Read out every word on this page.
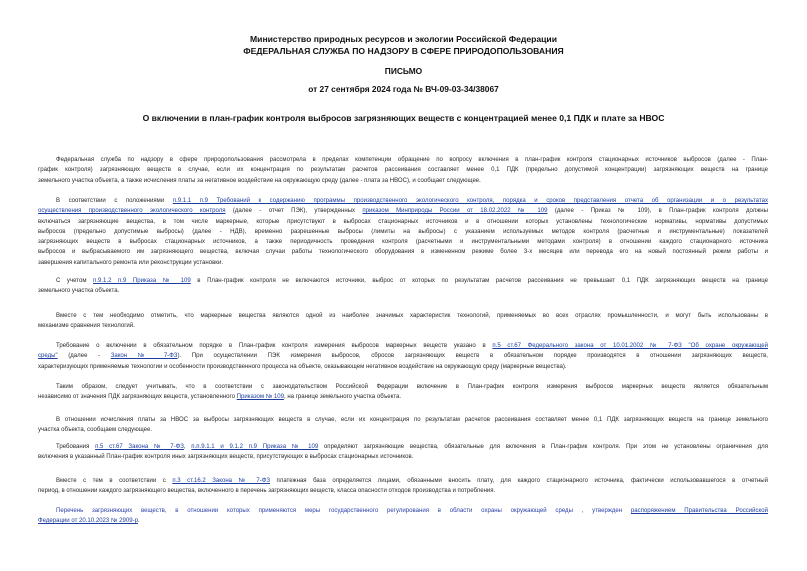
Министерство природных ресурсов и экологии Российской Федерации
ФЕДЕРАЛЬНАЯ СЛУЖБА ПО НАДЗОРУ В СФЕРЕ ПРИРОДОПОЛЬЗОВАНИЯ
ПИСЬМО
от 27 сентября 2024 года № ВЧ-09-03-34/38067
О включении в план-график контроля выбросов загрязняющих веществ с концентрацией менее 0,1 ПДК и плате за НВОС
Федеральная служба по надзору в сфере природопользования рассмотрела в пределах компетенции обращение по вопросу включения в план-график контроля стационарных источников выбросов (далее - План-
график контроля) загрязняющих веществ в случае, если их концентрация по результатам расчетов рассеивания составляет менее 0,1 ПДК (предельно допустимой концентрации) загрязняющих веществ на границе
земельного участка объекта, а также исчисления платы за негативное воздействие на окружающую среду (далее - плата за НВОС), и сообщает следующее.
В соответствии с положениями п.9.1.1 п.9 Требований к содержанию программы производственного экологического контроля, порядка и сроков представления отчета об организации и о результатах
осуществления производственного экологического контроля (далее - отчет ПЭК), утвержденных приказом Минприроды России от 18.02.2022 № 109 (далее - Приказ № 109), в План-график контроля должны
включаться загрязняющие вещества, в том числе маркерные, которые присутствуют в выбросах стационарных источников и в отношении которых установлены технологические нормативы, нормативы допустимых
выбросов (предельно допустимые выбросы) (далее - НДВ), временно разрешенные выбросы (лимиты на выбросы) с указанием используемых методов контроля (расчетные и инструментальные) показателей
загрязняющих веществ в выбросах стационарных источников, а также периодичность проведения контроля (расчетными и инструментальными методами контроля) в отношении каждого стационарного источника
выбросов и выбрасываемого им загрязняющего вещества, включая случаи работы технологического оборудования в измененном режиме более 3-х месяцев или перевода его на новый постоянный режим работы и
завершения капитального ремонта или реконструкции установки.
С учетом п.9.1.2 п.9 Приказа № 109 в План-график контроля не включаются источники, выброс от которых по результатам расчетов рассеивания не превышает 0,1 ПДК загрязняющих веществ на границе
земельного участка объекта.
Вместе с тем необходимо отметить, что маркерные вещества являются одной из наиболее значимых характеристик технологий, применяемых во всех отраслях промышленности, и могут быть использованы в
механизме сравнения технологий.
Требование о включении в обязательном порядке в План-график контроля измерения выбросов маркерных веществ указано в п.5 ст.67 Федерального закона от 10.01.2002 № 7-ФЗ "Об охране окружающей
среды" (далее - Закон № 7-ФЗ). При осуществлении ПЭК измерения выбросов, сбросов загрязняющих веществ в обязательном порядке производятся в отношении загрязняющих веществ,
характеризующих применяемые технологии и особенности производственного процесса на объекте, оказывающем негативное воздействие на окружающую среду (маркерные вещества).
Таким образом, следует учитывать, что в соответствии с законодательством Российской Федерации включение в План-график контроля измерения выбросов маркерных веществ является обязательным
независимо от значения ПДК загрязняющих веществ, установленного Приказом № 109, на границе земельного участка объекта.
В отношении исчисления платы за НВОС за выбросы загрязняющих веществ в случае, если их концентрация по результатам расчетов рассеивания составляет менее 0,1 ПДК загрязняющих веществ на границе земельного
участка объекта, сообщаем следующее.
Требования п.5 ст.67 Закона № 7-ФЗ, п.п.9.1.1 и 9.1.2 п.9 Приказа № 109 определяют загрязняющие вещества, обязательные для включения в План-график контроля. При этом не установлены ограничения для
включения в указанный План-график контроля иных загрязняющих веществ, присутствующих в выбросах стационарных источников.
Вместе с тем в соответствии с п.3 ст.16.2 Закона № 7-ФЗ платежная база определяется лицами, обязанными вносить плату, для каждого стационарного источника, фактически использовавшегося в отчетный
период, в отношении каждого загрязняющего вещества, включенного в перечень загрязняющих веществ, класса опасности отходов производства и потребления.
Перечень загрязняющих веществ, в отношении которых применяются меры государственного регулирования в области охраны окружающей среды , утвержден распоряжением Правительства Российской
Федерации от 20.10.2023 № 2909-р.
